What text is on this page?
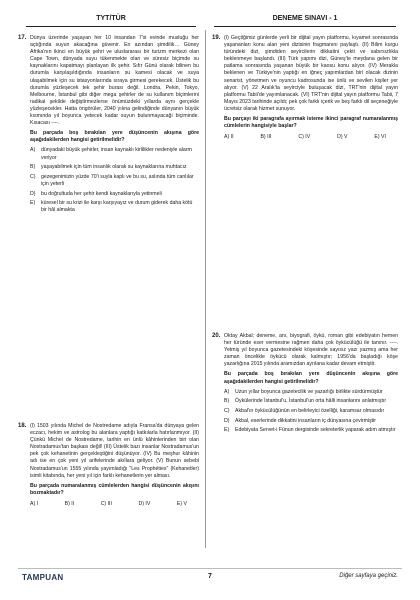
TYT/TÜR	DENEME SINAVI - 1
17. Dünya üzerinde yaşayan her 10 insandan 7'si evinde musluğu her açtığında suyun akacağına güvenir. En azından şimdilik… Güney Afrika'nın ikinci en büyük şehri ve uluslararası bir turizm merkezi olan Cape Town, dünyada suyu tükenmekte olan ve süresiz biçimde su kaynaklarını kapatmayı planlayan ilk şehir. Sıfır Günü olarak bilinen bu durumla karşılaşıldığında insanların su kamesi olacak ve suya ulaşabilmek için su istasyonlarında sıraya girmesi gerekecek. Üstelik bu durumla yüzleşecek tek şehir burası değil. Londra, Pekin, Tokyo, Melbourne, İstanbul gibi diğer mega şehirler de su kullanım biçimlerini radikal şekilde değiştirmezlerse önümüzdeki yıllarda aynı gerçekle yüzleşecekler. Hatta öngörüler, 2040 yılına gelindiğinde dünyanın büyük kısmında yıl boyunca yetecek kadar suyun bulunmayacağı biçiminde. Kısacası ----.

Bu parçada boş bırakılan yere düşüncenin akışına göre aşağıdakilerden hangisi getirilmelidir?

A) dünyadaki büyük şehirler, insan kaynaklı kirlilikler nedeniyle alarm veriyor
B) yaşayabilmek için tüm insanlık olarak su kaynaklarına muhtacız
C) gezegenimizin yüzde 70'i suyla kaplı ve bu su, aslında tüm canlılar için yeterli
D) bu doğrultuda her şehir kendi kaynaklarıyla yetinmeli
E) küresel bir su krizi ile karşı karşıyayız ve durum giderek daha kötü bir hâl almakta
18. (I) 1503 yılında Michel de Nostredame adıyla Fransa'da dünyaya gelen eczacı, hekim ve astrolog bu alanlara yaptığı katkılarla hatırlanmıyor. (II) Çünkü Michel de Nostredame, tarihin en ünlü kâhinlerinden biri olan Nostradamus'tan başkası değil! (III) Üstelik bazı insanlar Nostradamus'un pek çok kehanetinin gerçekleştiğini düşünüyor. (IV) Bu meşhur kâhinin adı ise en çok yeni yıl arifelerinde akıllara geliyor. (V) Bunun sebebi Nostradamus'un 1555 yılında yayımladığı "Les Prophéties" (Kehanetler) isimli kitabında, her yeni yıl için farklı kehanetlerin yer alması.

Bu parçada numaralanmış cümlelerden hangisi düşüncenin akışını bozmaktadır?

A) I	B) II	C) III	D) IV	E) V
19. (I) Geçtiğimiz günlerde yerli bir dijital yayın platformu, kıyamet sonrasında yaşananları konu alan yeni dizisinin fragmanını paylaştı. (II) Bilim kurgu türündeki dizi, şimdiden seyircilerin dikkatini çekti ve sabırsızlıkla beklenmeye başlandı. (III) Türk yapımı dizi, Güneş'te meydana gelen bir patlama sonrasında yaşanan büyük bir kaosu konu alıyor. (IV) Merakla beklenen ve Türkiye'nin yaptığı en iğneç yapımlardan biri olacak dizinin senarist, yönetmen ve oyuncu kadrosunda ise ünlü ve sevilen kişiler yer alıyor. (V) 22 Aralık'ta seyirciyle buluşacak dizi, TRT'nin dijital yayın platformu Tabii'de yayımlanacak. (VI) TRT'nin dijital yayın platformu Tabii, 7 Mayıs 2023 tarihinde açıldı; pek çok farklı içerik ve beş farklı dil seçeneğiyle ücretsiz olarak hizmet sunuyor.

Bu parçayı iki paragrafa ayırmak isteme ikinci paragraf numaralanmış cümlelerin hangisiyle başlar?

A) II	B) III	C) IV	D) V	E) VI
20. Oktay Akbal; deneme, anı, biyografi, öykü, roman gibi edebiyatın hemen her türünde eser vermesine rağmen daha çok öykücülüğü ile tanınır. ----. Yetmiş yıl boyunca gazetesindeki köşesinde sayısız yazı yazmış ama her zaman öncelikle öykücü olarak kalmıştır; 1956'da başladığı köşe yazarlığına 2015 yılında aramızdan ayrılana kadar devam etmiştir.

Bu parçada boş bırakılan yere düşüncenin akışına göre aşağıdakilerden hangisi getirilmelidir?

A) Uzun yıllar boyunca gazetecilik ve yazarlığı birlikte sürdürmüştür
B) Öykülerinde İstanbul'u, İstanbul'un orta hâlli insanlarını anlatmıştır
C) Akbal'ın öykücülüğünün en belirleyici özelliği, karamsar olmasıdır
D) Akbal, eserlerinde dikkatini insanların iç dünyasına çevirmiştir
E) Edebiyata Servet-i Fünun dergisinde sekreterlik yaparak adım atmıştır
TAMPUAN	7	Diğer sayfaya geçiniz.
